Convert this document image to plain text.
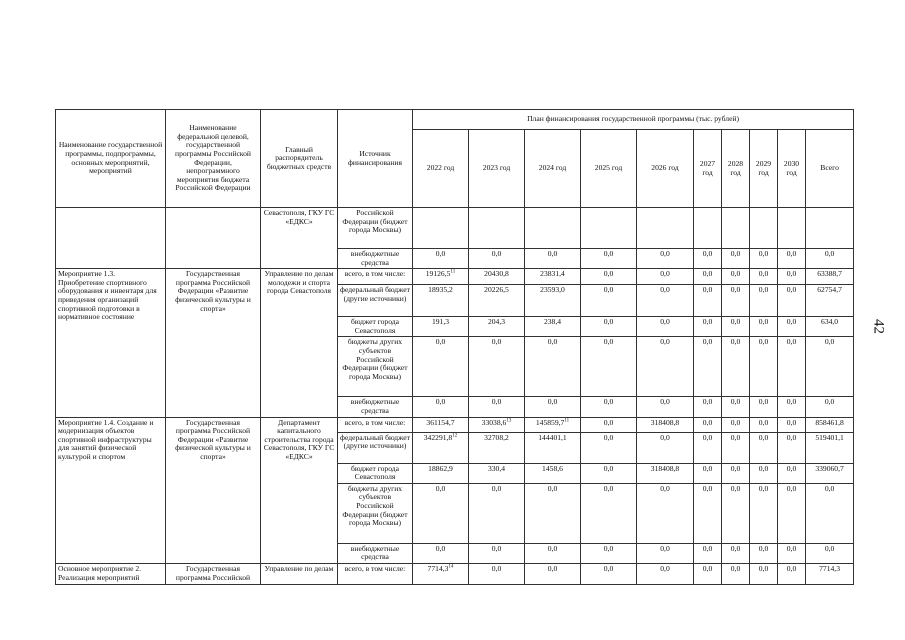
42
Наименование государственной программы, подпрограммы, основных мероприятий, мероприятий	Наименование федеральной целевой, государственной программы Российской Федерации, непрограммного мероприятия бюджета Российской Федерации	Главный распорядитель бюджетных средств	Источник финансирования	План финансирования государственной программы (тыс. рублей)									
				2022 год	2023 год	2024 год	2025 год	2026 год	2027 год	2028 год	2029 год	2030 год	Всего
		Севастополя, ГКУ ГС «ЕДКС»	Российской Федерации (бюджет города Москвы)										
			внебюджетные средства	0,0	0,0	0,0	0,0	0,0	0,0	0,0	0,0	0,0	0,0
Мероприятие 1.3. Приобретение спортивного оборудования и инвентаря для приведения организаций спортивной подготовки в нормативное состояние	Государственная программа Российской Федерации «Развитие физической культуры и спорта»	Управление по делам молодежи и спорта города Севастополя	всего, в том числе:	19126,5$^{11}$	20430,8	23831,4	0,0	0,0	0,0	0,0	0,0	0,0	63388,7
			федеральный бюджет (другие источники)	18935,2	20226,5	23593,0	0,0	0,0	0,0	0,0	0,0	0,0	62754,7
			бюджет города Севастополя	191,3	204,3	238,4	0,0	0,0	0,0	0,0	0,0	0,0	634,0
			бюджеты других субъектов Российской Федерации (бюджет города Москвы)	0,0	0,0	0,0	0,0	0,0	0,0	0,0	0,0	0,0	0,0
			внебюджетные средства	0,0	0,0	0,0	0,0	0,0	0,0	0,0	0,0	0,0	0,0
Мероприятие 1.4. Создание и модернизация объектов спортивной инфраструктуры для занятий физической культурой и спортом	Государственная программа Российской Федерации «Развитие физической культуры и спорта»	Департамент капитального строительства города Севастополя, ГКУ ГС «ЕДКС»	всего, в том числе:	361154,7	33038,6$^{13}$	145859,7$^{11}$	0,0	318408,8	0,0	0,0	0,0	0,0	858461,8
			федеральный бюджет (другие источники)	342291,8$^{12}$	32708,2	144401,1	0,0	0,0	0,0	0,0	0,0	0,0	519401,1
			бюджет города Севастополя	18862,9	330,4	1458,6	0,0	318408,8	0,0	0,0	0,0	0,0	339060,7
			бюджеты других субъектов Российской Федерации (бюджет города Москвы)	0,0	0,0	0,0	0,0	0,0	0,0	0,0	0,0	0,0	0,0
			внебюджетные средства	0,0	0,0	0,0	0,0	0,0	0,0	0,0	0,0	0,0	0,0
Основное мероприятие 2. Реализация мероприятий	Государственная программа Российской	Управление по делам	всего, в том числе:	7714,3$^{14}$	0,0	0,0	0,0	0,0	0,0	0,0	0,0	0,0	7714,3
